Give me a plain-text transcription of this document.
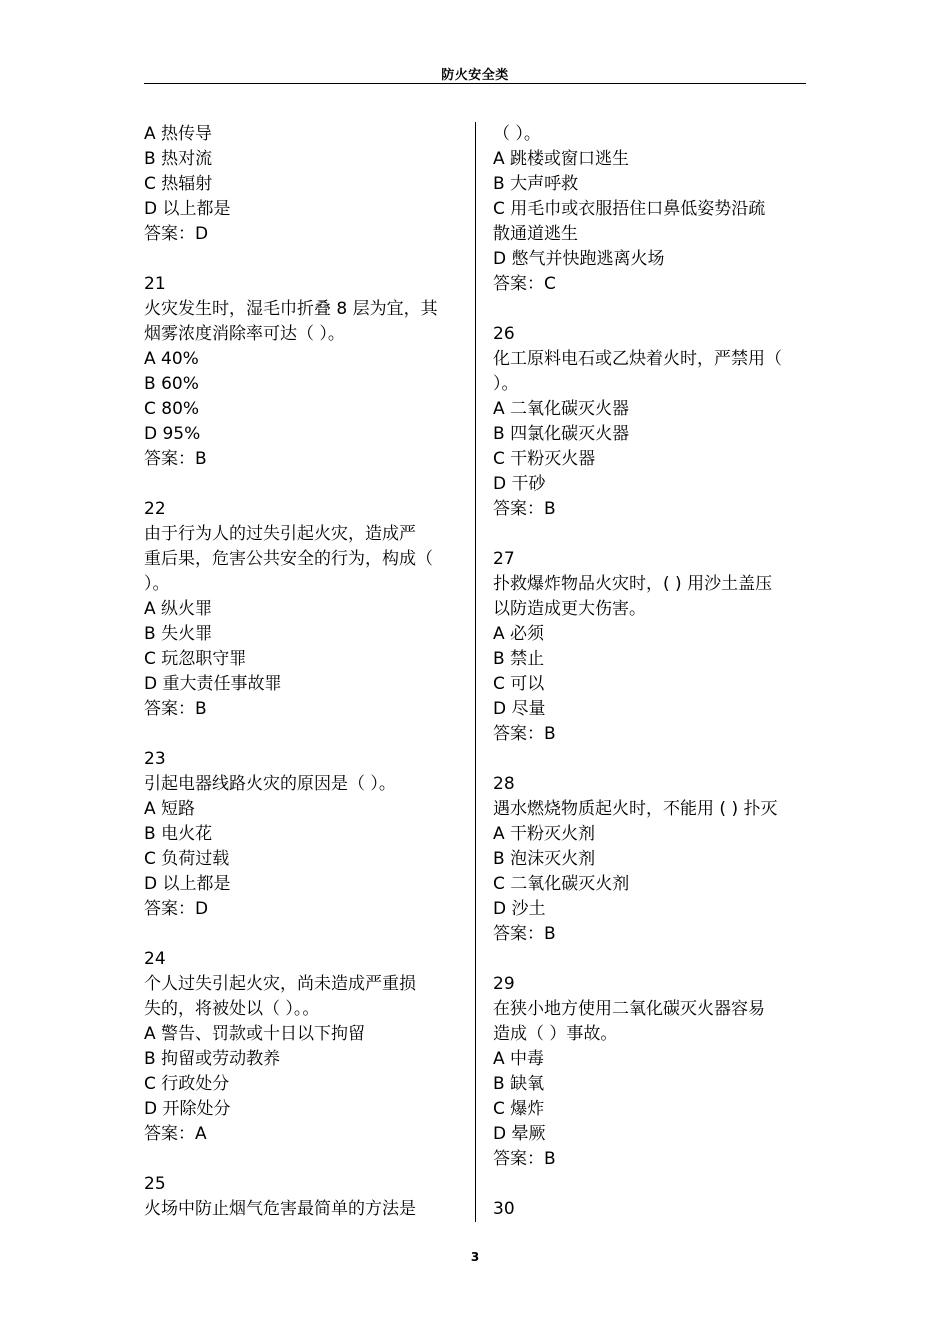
防火安全类
A 热传导
B 热对流
C 热辐射
D 以上都是
答案：D
21
火灾发生时，湿毛巾折叠 8 层为宜，其
烟雾浓度消除率可达（ ）。
A 40%
B 60%
C 80%
D 95%
答案：B
22
由于行为人的过失引起火灾，造成严
重后果，危害公共安全的行为，构成（
）。
A 纵火罪
B 失火罪
C 玩忽职守罪
D 重大责任事故罪
答案：B
23
引起电器线路火灾的原因是（ ）。
A 短路
B 电火花
C 负荷过载
D 以上都是
答案：D
24
个人过失引起火灾，尚未造成严重损
失的，将被处以（ ）。。
A 警告、罚款或十日以下拘留
B 拘留或劳动教养
C 行政处分
D 开除处分
答案：A
25
火场中防止烟气危害最简单的方法是
（ ）。
A 跳楼或窗口逃生
B 大声呼救
C 用毛巾或衣服捂住口鼻低姿势沿疏
散通道逃生
D 憋气并快跑逃离火场
答案：C
26
化工原料电石或乙炔着火时，严禁用（
）。
A 二氧化碳灭火器
B 四氯化碳灭火器
C 干粉灭火器
D 干砂
答案：B
27
扑救爆炸物品火灾时，( ) 用沙土盖压
以防造成更大伤害。
A 必须
B 禁止
C 可以
D 尽量
答案：B
28
遇水燃烧物质起火时，不能用 ( ) 扑灭
A 干粉灭火剂
B 泡沫灭火剂
C 二氧化碳灭火剂
D 沙土
答案：B
29
在狭小地方使用二氧化碳灭火器容易
造成（ ）事故。
A 中毒
B 缺氧
C 爆炸
D 晕厥
答案：B
30
3
